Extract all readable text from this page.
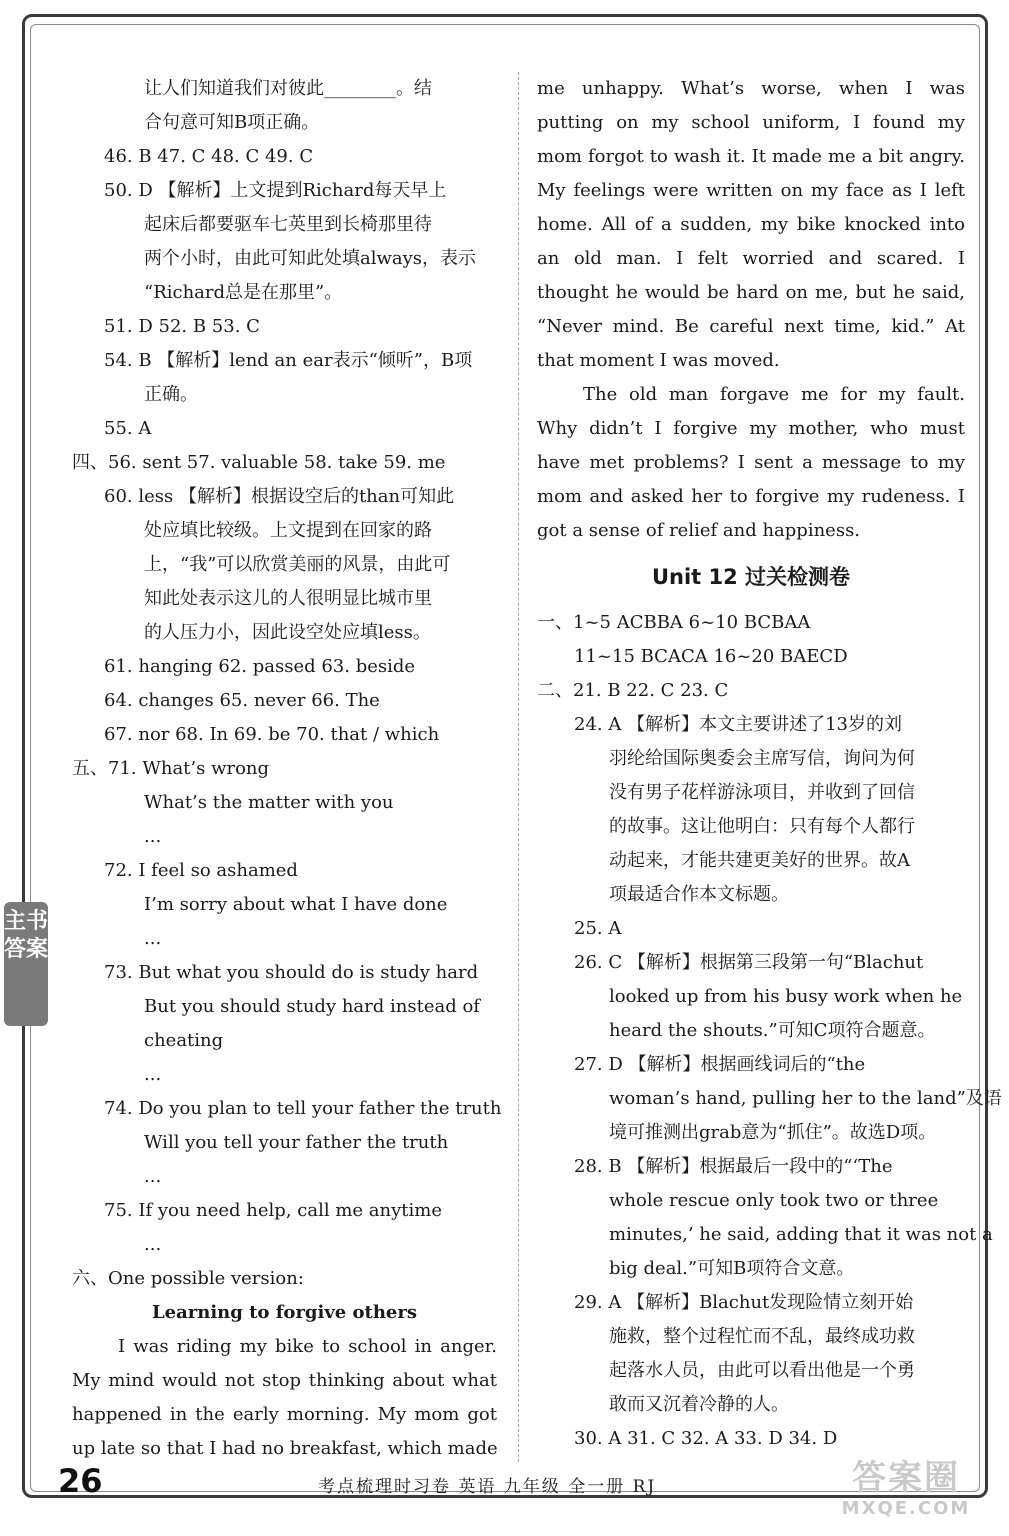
让人们知道我们对彼此________。结
合句意可知B项正确。
46. B 47. C 48. C 49. C
50. D 【解析】上文提到Richard每天早上
起床后都要驱车七英里到长椅那里待
两个小时，由此可知此处填always，表示
“Richard总是在那里”。
51. D 52. B 53. C
54. B 【解析】lend an ear表示“倾听”，B项
正确。
55. A
四、56. sent 57. valuable 58. take 59. me
60. less 【解析】根据设空后的than可知此
处应填比较级。上文提到在回家的路
上，“我”可以欣赏美丽的风景，由此可
知此处表示这儿的人很明显比城市里
的人压力小，因此设空处应填less。
61. hanging 62. passed 63. beside
64. changes 65. never 66. The
67. nor 68. In 69. be 70. that / which
五、71. What’s wrong
What’s the matter with you
...
72. I feel so ashamed
I’m sorry about what I have done
...
73. But what you should do is study hard
But you should study hard instead of
cheating
...
74. Do you plan to tell your father the truth
Will you tell your father the truth
...
75. If you need help, call me anytime
...
六、One possible version:
Learning to forgive others
I was riding my bike to school in anger.
My mind would not stop thinking about what
happened in the early morning. My mom got
up late so that I had no breakfast, which made
me unhappy. What’s worse, when I was
putting on my school uniform, I found my
mom forgot to wash it. It made me a bit angry.
My feelings were written on my face as I left
home. All of a sudden, my bike knocked into
an old man. I felt worried and scared. I
thought he would be hard on me, but he said,
“Never mind. Be careful next time, kid.” At
that moment I was moved.
The old man forgave me for my fault.
Why didn’t I forgive my mother, who must
have met problems? I sent a message to my
mom and asked her to forgive my rudeness. I
got a sense of relief and happiness.
Unit 12 过关检测卷
一、1~5 ACBBA 6~10 BCBAA
11~15 BCACA 16~20 BAECD
二、21. B 22. C 23. C
24. A 【解析】本文主要讲述了13岁的刘
羽纶给国际奥委会主席写信，询问为何
没有男子花样游泳项目，并收到了回信
的故事。这让他明白：只有每个人都行
动起来，才能共建更美好的世界。故A
项最适合作本文标题。
25. A
26. C 【解析】根据第三段第一句“Blachut
looked up from his busy work when he
heard the shouts.”可知C项符合题意。
27. D 【解析】根据画线词后的“the
woman’s hand, pulling her to the land”及语
境可推测出grab意为“抓住”。故选D项。
28. B 【解析】根据最后一段中的“‘The
whole rescue only took two or three
minutes,’ he said, adding that it was not a
big deal.”可知B项符合文意。
29. A 【解析】Blachut发现险情立刻开始
施救，整个过程忙而不乱，最终成功救
起落水人员，由此可以看出他是一个勇
敢而又沉着冷静的人。
30. A 31. C 32. A 33. D 34. D
主书答案
26	考点梳理时习卷 英语 九年级 全一册 RJ	答案圈
MXQE.COM
